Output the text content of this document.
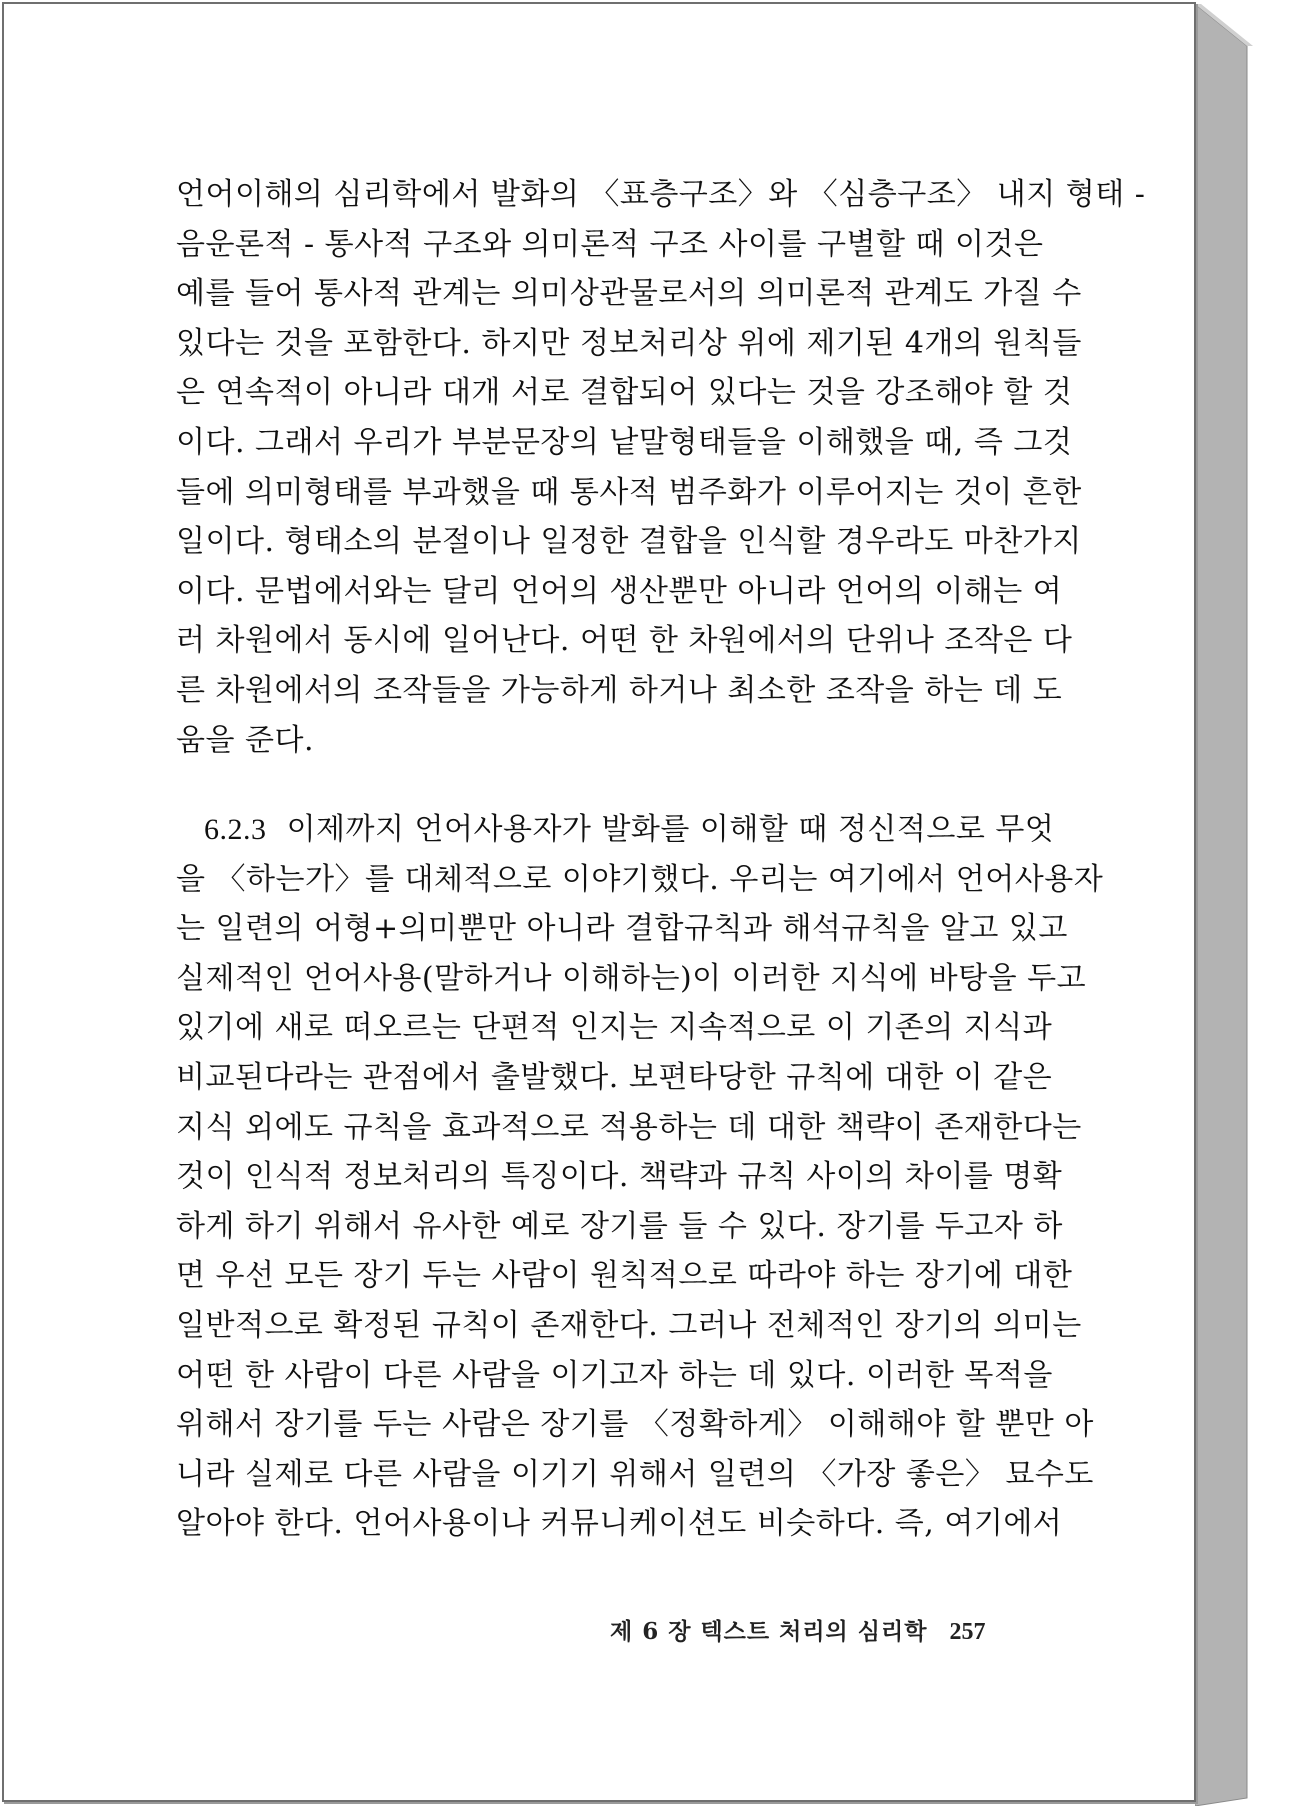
언어이해의 심리학에서 발화의 〈표층구조〉와 〈심층구조〉 내지 형태 -
음운론적 - 통사적 구조와 의미론적 구조 사이를 구별할 때 이것은
예를 들어 통사적 관계는 의미상관물로서의 의미론적 관계도 가질 수
있다는 것을 포함한다. 하지만 정보처리상 위에 제기된 4개의 원칙들
은 연속적이 아니라 대개 서로 결합되어 있다는 것을 강조해야 할 것
이다. 그래서 우리가 부분문장의 낱말형태들을 이해했을 때, 즉 그것
들에 의미형태를 부과했을 때 통사적 범주화가 이루어지는 것이 흔한
일이다. 형태소의 분절이나 일정한 결합을 인식할 경우라도 마찬가지
이다. 문법에서와는 달리 언어의 생산뿐만 아니라 언어의 이해는 여
러 차원에서 동시에 일어난다. 어떤 한 차원에서의 단위나 조작은 다
른 차원에서의 조작들을 가능하게 하거나 최소한 조작을 하는 데 도
움을 준다.
6.2.3 이제까지 언어사용자가 발화를 이해할 때 정신적으로 무엇
을 〈하는가〉를 대체적으로 이야기했다. 우리는 여기에서 언어사용자
는 일련의 어형+의미뿐만 아니라 결합규칙과 해석규칙을 알고 있고
실제적인 언어사용(말하거나 이해하는)이 이러한 지식에 바탕을 두고
있기에 새로 떠오르는 단편적 인지는 지속적으로 이 기존의 지식과
비교된다라는 관점에서 출발했다. 보편타당한 규칙에 대한 이 같은
지식 외에도 규칙을 효과적으로 적용하는 데 대한 책략이 존재한다는
것이 인식적 정보처리의 특징이다. 책략과 규칙 사이의 차이를 명확
하게 하기 위해서 유사한 예로 장기를 들 수 있다. 장기를 두고자 하
면 우선 모든 장기 두는 사람이 원칙적으로 따라야 하는 장기에 대한
일반적으로 확정된 규칙이 존재한다. 그러나 전체적인 장기의 의미는
어떤 한 사람이 다른 사람을 이기고자 하는 데 있다. 이러한 목적을
위해서 장기를 두는 사람은 장기를 〈정확하게〉 이해해야 할 뿐만 아
니라 실제로 다른 사람을 이기기 위해서 일련의 〈가장 좋은〉 묘수도
알아야 한다. 언어사용이나 커뮤니케이션도 비슷하다. 즉, 여기에서
제 6 장 텍스트 처리의 심리학 257
